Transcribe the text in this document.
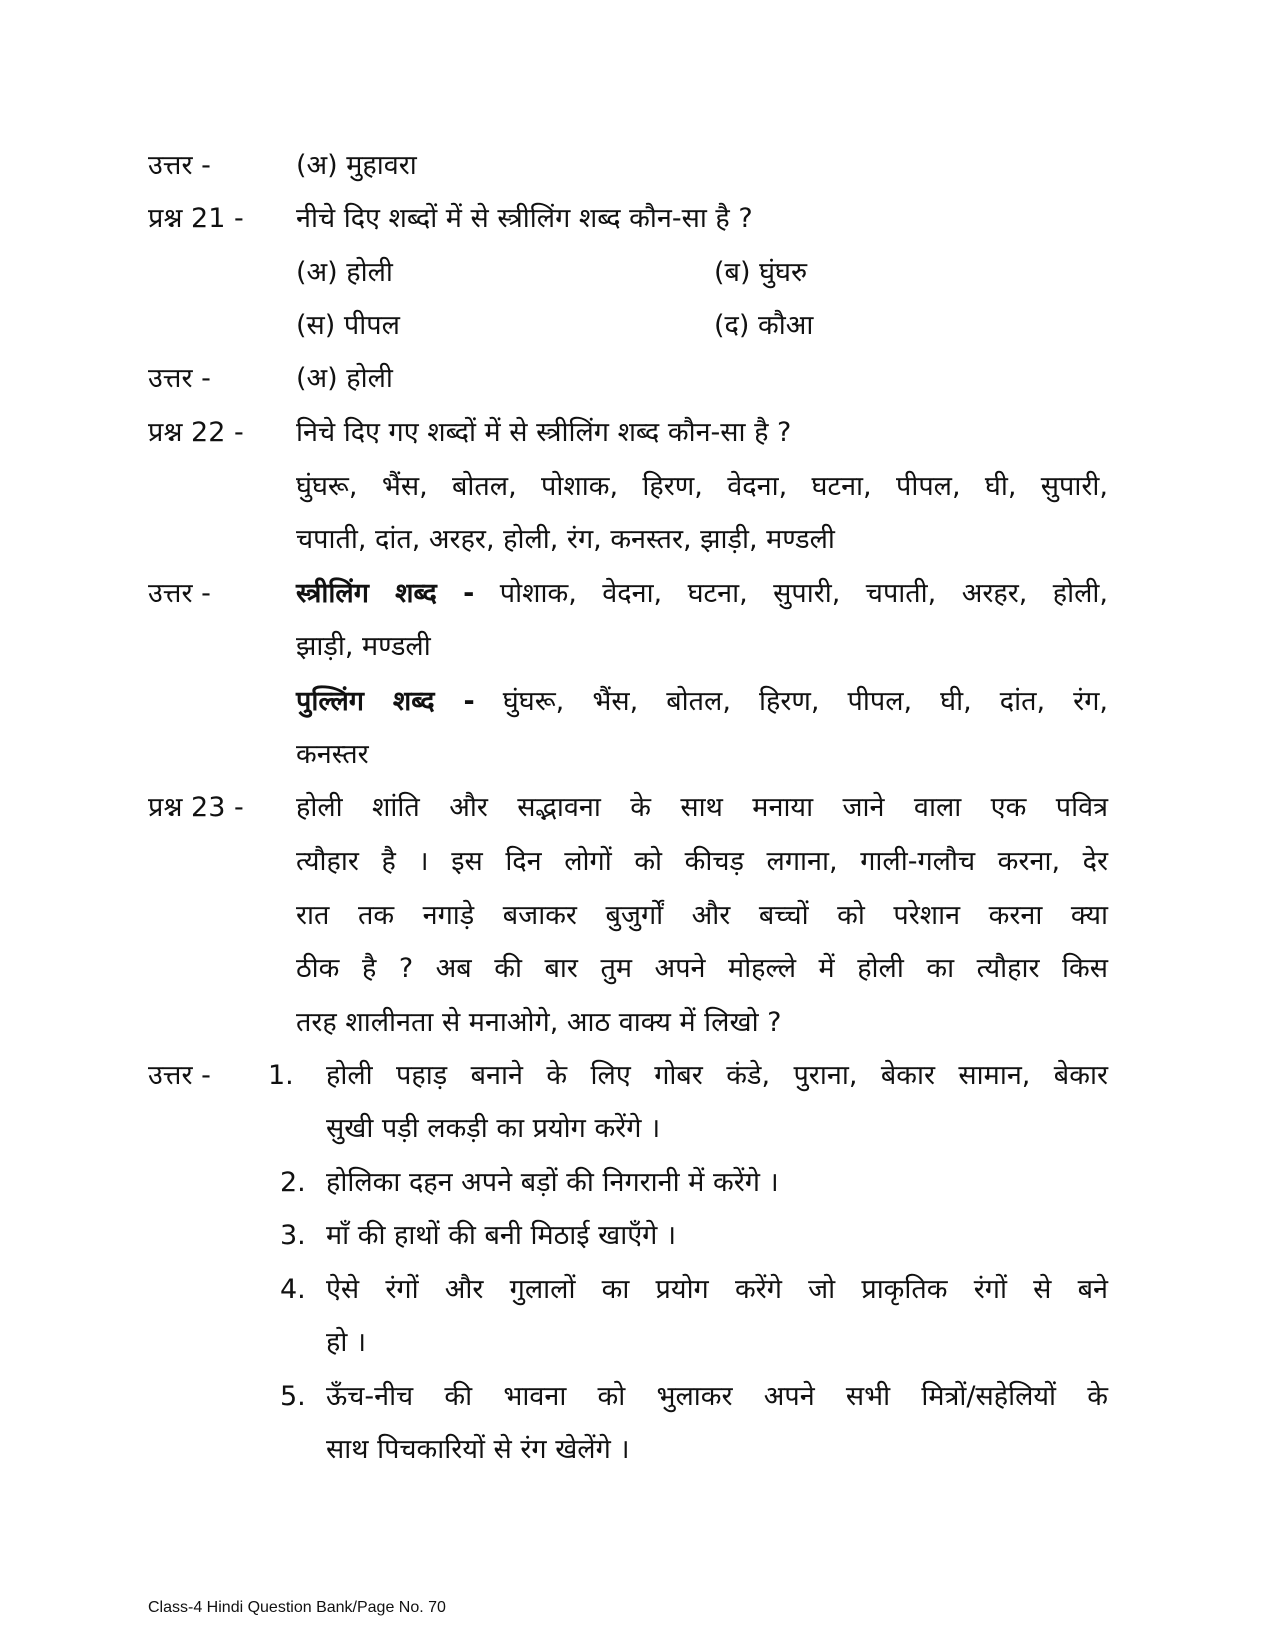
उत्तर -	(अ) मुहावरा
प्रश्न 21 - नीचे दिए शब्दों में से स्त्रीलिंग शब्द कौन-सा है ?
(अ) होली	(ब) घुंघरु
(स) पीपल	(द) कौआ
उत्तर -	(अ) होली
प्रश्न 22 - निचे दिए गए शब्दों में से स्त्रीलिंग शब्द कौन-सा है ?
घुंघरू, भैंस, बोतल, पोशाक, हिरण, वेदना, घटना, पीपल, घी, सुपारी,
चपाती, दांत, अरहर, होली, रंग, कनस्तर, झाड़ी, मण्डली
उत्तर -	स्त्रीलिंग शब्द - पोशाक, वेदना, घटना, सुपारी, चपाती, अरहर, होली,
झाड़ी, मण्डली
पुल्लिंग शब्द - घुंघरू, भैंस, बोतल, हिरण, पीपल, घी, दांत, रंग,
कनस्तर
प्रश्न 23 - होली शांति और सद्भावना के साथ मनाया जाने वाला एक पवित्र
त्यौहार है । इस दिन लोगों को कीचड़ लगाना, गाली-गलौच करना, देर
रात तक नगाड़े बजाकर बुजुर्गों और बच्चों को परेशान करना क्या
ठीक है ? अब की बार तुम अपने मोहल्ले में होली का त्यौहार किस
तरह शालीनता से मनाओगे, आठ वाक्य में लिखो ?
उत्तर - 1. होली पहाड़ बनाने के लिए गोबर कंडे, पुराना, बेकार सामान, बेकार
सुखी पड़ी लकड़ी का प्रयोग करेंगे ।
2. होलिका दहन अपने बड़ों की निगरानी में करेंगे ।
3. माँ की हाथों की बनी मिठाई खाएँगे ।
4. ऐसे रंगों और गुलालों का प्रयोग करेंगे जो प्राकृतिक रंगों से बने
हो ।
5. ऊँच-नीच की भावना को भुलाकर अपने सभी मित्रों/सहेलियों के
साथ पिचकारियों से रंग खेलेंगे ।
Class-4 Hindi Question Bank/Page No. 70
